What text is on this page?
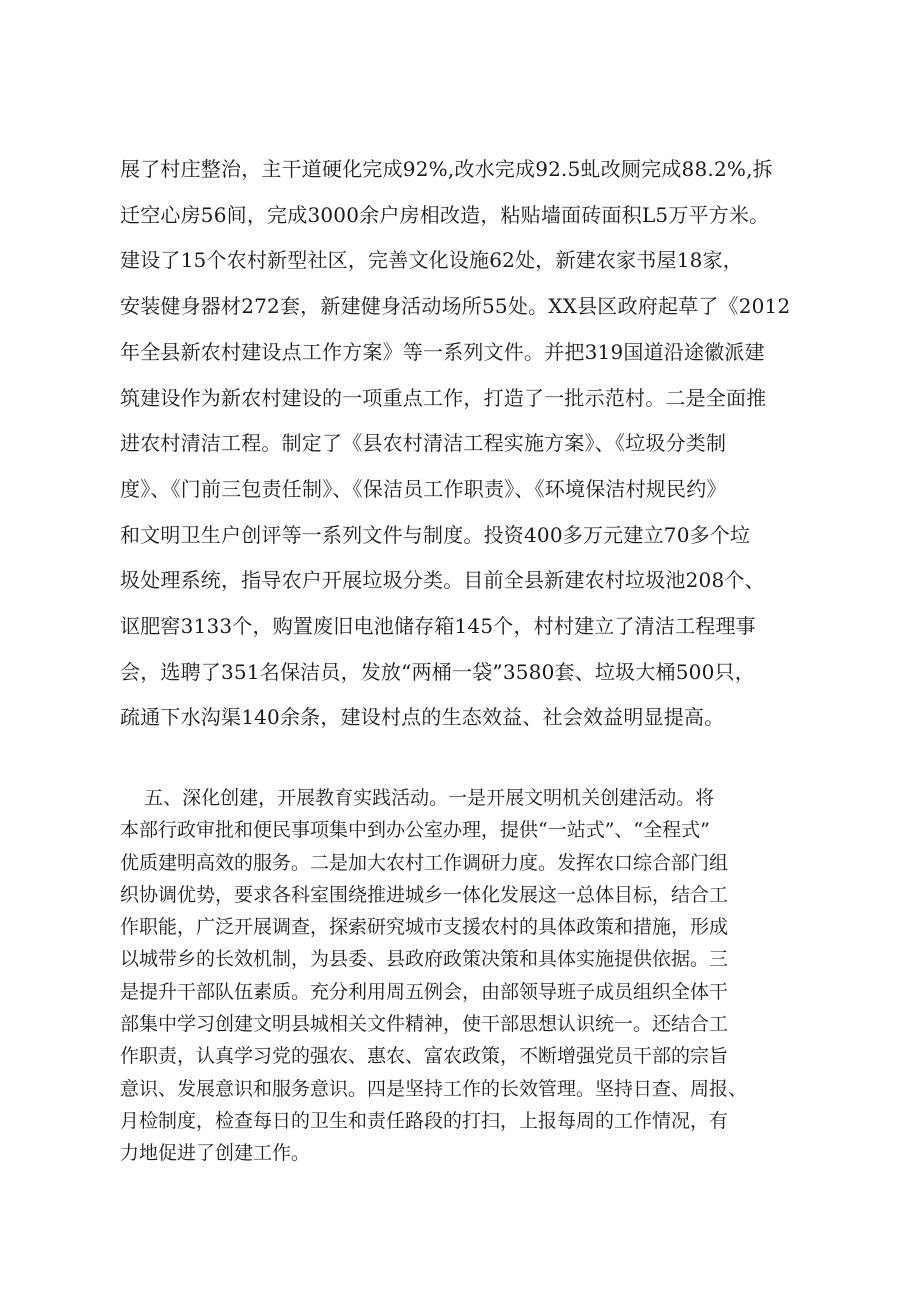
展了村庄整治，主干道硬化完成92%,改水完成92.5虬改厕完成88.2%,拆
迁空心房56间，完成3000余户房相改造，粘贴墙面砖面积L5万平方米。
建设了15个农村新型社区，完善文化设施62处，新建农家书屋18家，
安装健身器材272套，新建健身活动场所55处。XX县区政府起草了《2012
年全县新农村建设点工作方案》等一系列文件。并把319国道沿途徽派建
筑建设作为新农村建设的一项重点工作，打造了一批示范村。二是全面推
进农村清洁工程。制定了《县农村清洁工程实施方案》、《垃圾分类制
度》、《门前三包责任制》、《保洁员工作职责》、《环境保洁村规民约》
和文明卫生户创评等一系列文件与制度。投资400多万元建立70多个垃
圾处理系统，指导农户开展垃圾分类。目前全县新建农村垃圾池208个、
讴肥窖3133个，购置废旧电池储存箱145个，村村建立了清洁工程理事
会，选聘了351名保洁员，发放“两桶一袋”3580套、垃圾大桶500只，
疏通下水沟渠140余条，建设村点的生态效益、社会效益明显提高。
五、深化创建，开展教育实践活动。一是开展文明机关创建活动。将
本部行政审批和便民事项集中到办公室办理，提供“一站式”、“全程式”
优质建明高效的服务。二是加大农村工作调研力度。发挥农口综合部门组
织协调优势，要求各科室围绕推进城乡一体化发展这一总体目标，结合工
作职能，广泛开展调查，探索研究城市支援农村的具体政策和措施，形成
以城带乡的长效机制，为县委、县政府政策决策和具体实施提供依据。三
是提升干部队伍素质。充分利用周五例会，由部领导班子成员组织全体干
部集中学习创建文明县城相关文件精神，使干部思想认识统一。还结合工
作职责，认真学习党的强农、惠农、富农政策，不断增强党员干部的宗旨
意识、发展意识和服务意识。四是坚持工作的长效管理。坚持日查、周报、
月检制度，检查每日的卫生和责任路段的打扫，上报每周的工作情况，有
力地促进了创建工作。
